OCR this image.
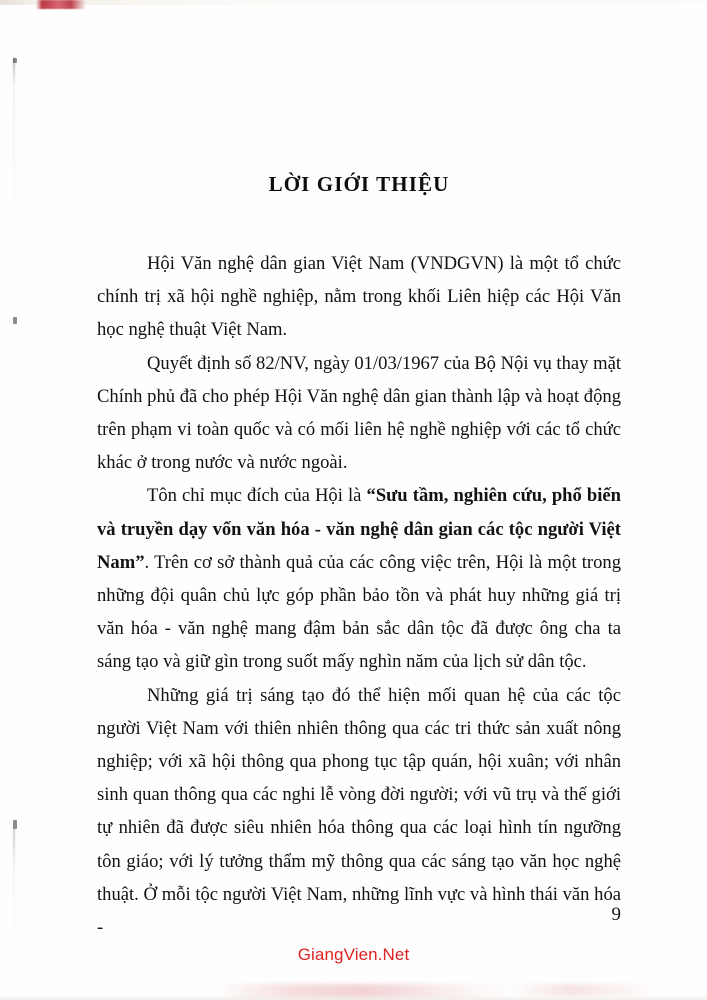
LỜI GIỚI THIỆU

Hội Văn nghệ dân gian Việt Nam (VNDGVN) là một tổ chức chính trị xã hội nghề nghiệp, nằm trong khối Liên hiệp các Hội Văn học nghệ thuật Việt Nam.

Quyết định số 82/NV, ngày 01/03/1967 của Bộ Nội vụ thay mặt Chính phủ đã cho phép Hội Văn nghệ dân gian thành lập và hoạt động trên phạm vi toàn quốc và có mối liên hệ nghề nghiệp với các tổ chức khác ở trong nước và nước ngoài.

Tôn chỉ mục đích của Hội là “Sưu tầm, nghiên cứu, phổ biến và truyền dạy vốn văn hóa - văn nghệ dân gian các tộc người Việt Nam”. Trên cơ sở thành quả của các công việc trên, Hội là một trong những đội quân chủ lực góp phần bảo tồn và phát huy những giá trị văn hóa - văn nghệ mang đậm bản sắc dân tộc đã được ông cha ta sáng tạo và giữ gìn trong suốt mấy nghìn năm của lịch sử dân tộc.

Những giá trị sáng tạo đó thể hiện mối quan hệ của các tộc người Việt Nam với thiên nhiên thông qua các tri thức sản xuất nông nghiệp; với xã hội thông qua phong tục tập quán, hội xuân; với nhân sinh quan thông qua các nghi lễ vòng đời người; với vũ trụ và thế giới tự nhiên đã được siêu nhiên hóa thông qua các loại hình tín ngưỡng tôn giáo; với lý tưởng thẩm mỹ thông qua các sáng tạo văn học nghệ thuật. Ở mỗi tộc người Việt Nam, những lĩnh vực và hình thái văn hóa -

9
GiangVien.Net
